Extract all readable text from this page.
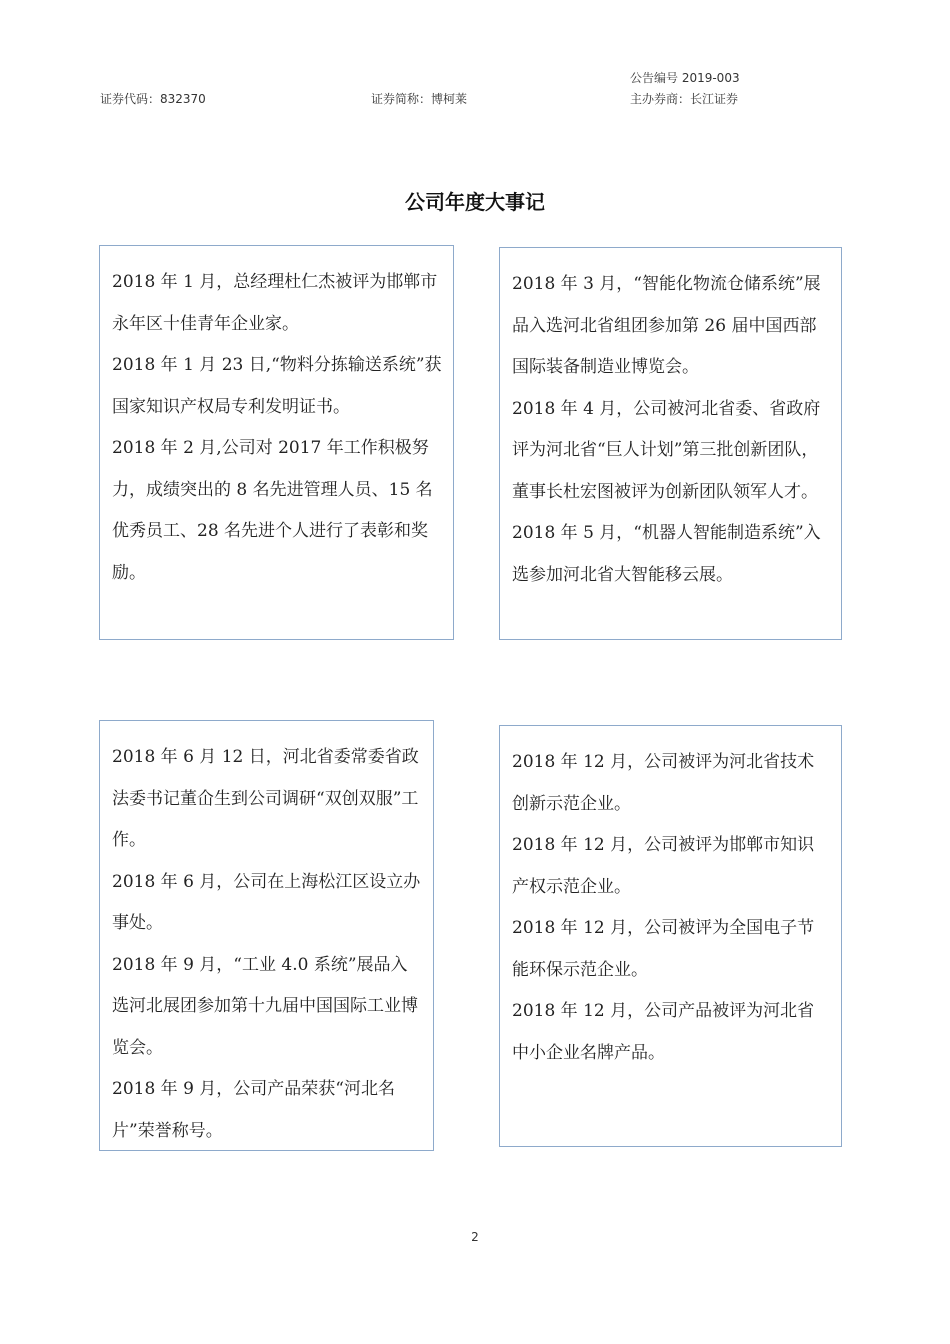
公告编号 2019-003
证券代码：832370	证券简称：博柯莱	主办券商：长江证券
公司年度大事记

2018 年 1 月，总经理杜仁杰被评为邯郸市永年区十佳青年企业家。

2018 年 1 月 23 日,“物料分拣输送系统”获国家知识产权局专利发明证书。

2018 年 2 月,公司对 2017 年工作积极努力，成绩突出的 8 名先进管理人员、15 名优秀员工、28 名先进个人进行了表彰和奖励。

2018 年 3 月，“智能化物流仓储系统”展品入选河北省组团参加第 26 届中国西部国际装备制造业博览会。

2018 年 4 月，公司被河北省委、省政府评为河北省“巨人计划”第三批创新团队，董事长杜宏图被评为创新团队领军人才。

2018 年 5 月，“机器人智能制造系统”入选参加河北省大智能移云展。

2018 年 6 月 12 日，河北省委常委省政法委书记董仚生到公司调研“双创双服”工作。

2018 年 6 月，公司在上海松江区设立办事处。

2018 年 9 月，“工业 4.0 系统”展品入选河北展团参加第十九届中国国际工业博览会。

2018 年 9 月，公司产品荣获“河北名片”荣誉称号。

2018 年 12 月，公司被评为河北省技术创新示范企业。

2018 年 12 月，公司被评为邯郸市知识产权示范企业。

2018 年 12 月，公司被评为全国电子节能环保示范企业。

2018 年 12 月，公司产品被评为河北省中小企业名牌产品。

2
